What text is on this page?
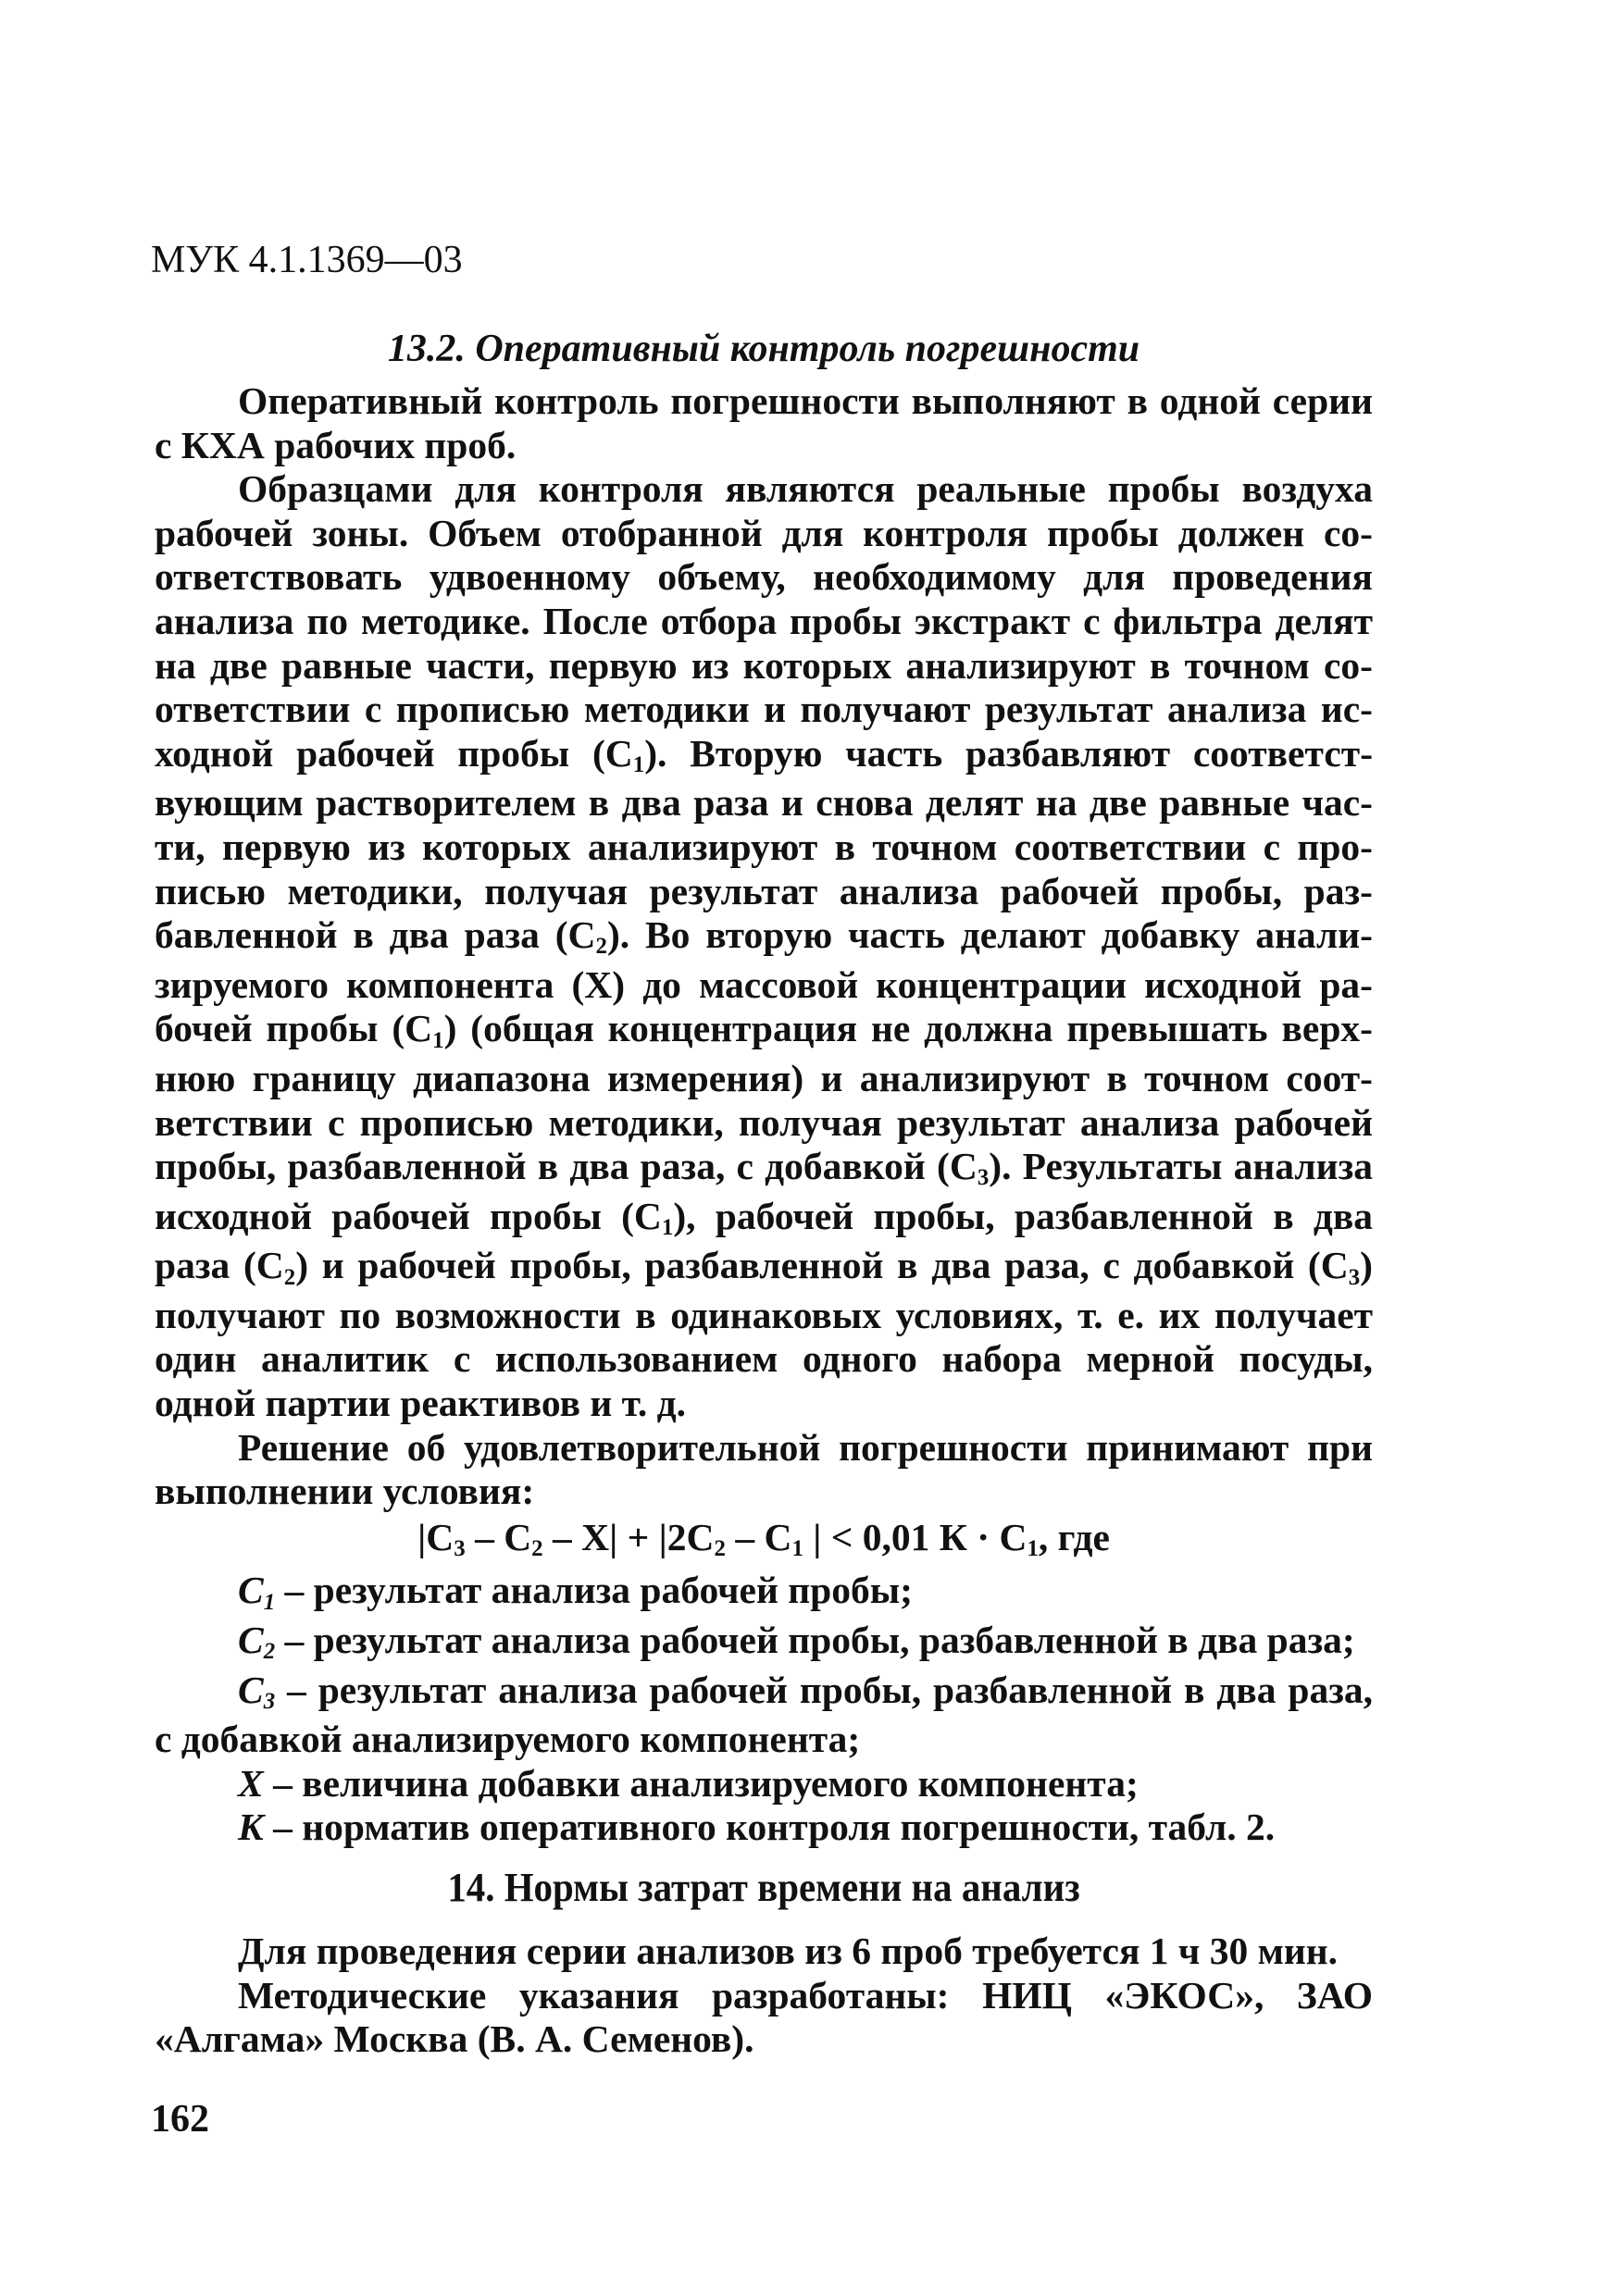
МУК 4.1.1369—03
13.2. Оперативный контроль погрешности

Оперативный контроль погрешности выполняют в одной серии с КХА рабочих проб.

Образцами для контроля являются реальные пробы воздуха рабочей зоны. Объем отобранной для контроля пробы должен соответствовать удвоенному объему, необходимому для проведения анализа по методике. После отбора пробы экстракт с фильтра делят на две равные части, первую из которых анализируют в точном соответствии с прописью методики и получают результат анализа исходной рабочей пробы $(C_1)$. Вторую часть разбавляют соответствующим растворителем в два раза и снова делят на две равные части, первую из которых анализируют в точном соответствии с прописью методики, получая результат анализа рабочей пробы, разбавленной в два раза $(C_2)$. Во вторую часть делают добавку анализируемого компонента (X) до массовой концентрации исходной рабочей пробы $(C_1)$ (общая концентрация не должна превышать верхнюю границу диапазона измерения) и анализируют в точном соответствии с прописью методики, получая результат анализа рабочей пробы, разбавленной в два раза, с добавкой $(C_3)$. Результаты анализа исходной рабочей пробы $(C_1)$, рабочей пробы, разбавленной в два раза $(C_2)$ и рабочей пробы, разбавленной в два раза, с добавкой $(C_3)$ получают по возможности в одинаковых условиях, т. е. их получает один аналитик с использованием одного набора мерной посуды, одной партии реактивов и т. д.

Решение об удовлетворительной погрешности принимают при выполнении условия:

$|C_3 - C_2 - X| + |2C_2 - C_1$ | < 0,01 $К \cdot C_1$, где

$C_1$ – результат анализа рабочей пробы;

$C_2$ – результат анализа рабочей пробы, разбавленной в два раза;

$C_3$ – результат анализа рабочей пробы, разбавленной в два раза, с добавкой анализируемого компонента;

X – величина добавки анализируемого компонента;

K – норматив оперативного контроля погрешности, табл. 2.

14. Нормы затрат времени на анализ

Для проведения серии анализов из 6 проб требуется 1 ч 30 мин.

Методические указания разработаны: НИЦ «ЭКОС», ЗАО «Алгама» Москва (В. А. Семенов).

162
